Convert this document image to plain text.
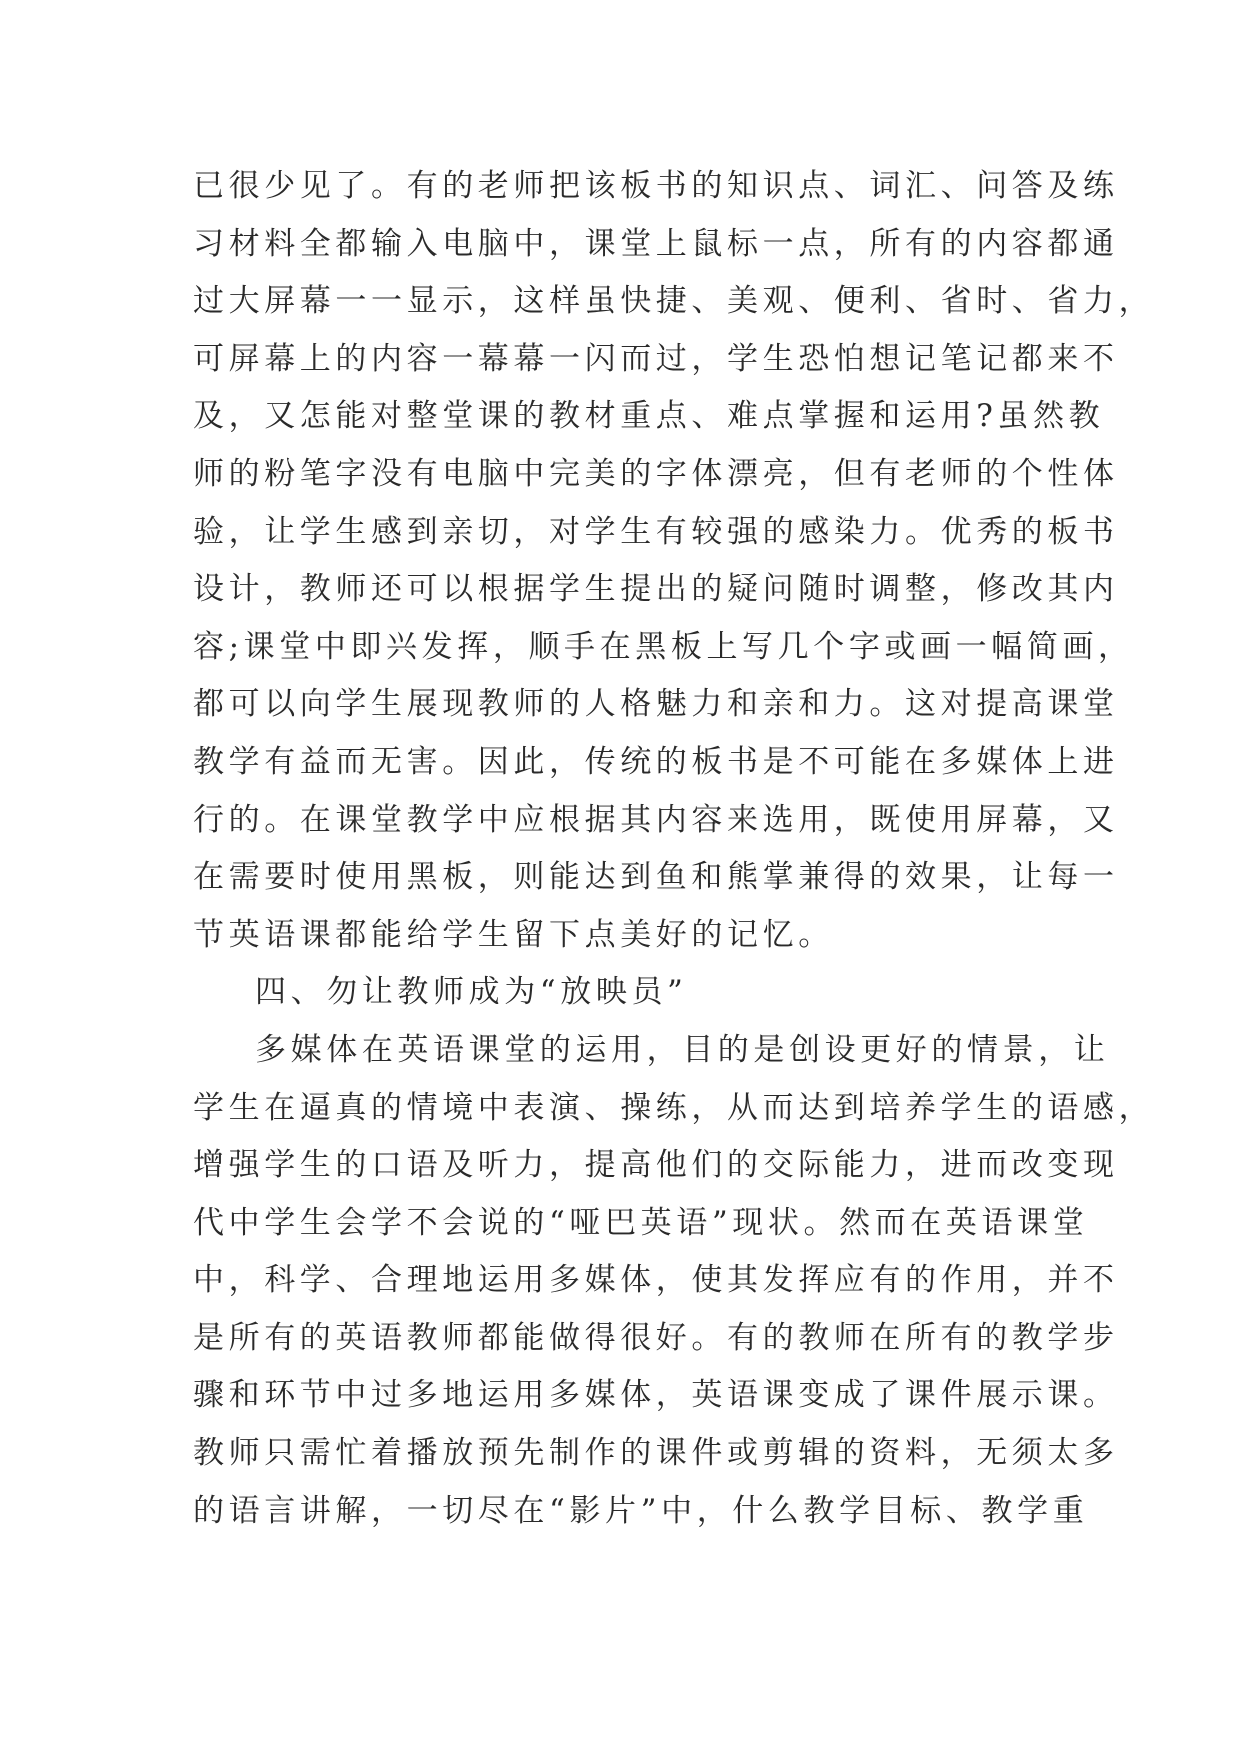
已很少见了。有的老师把该板书的知识点、词汇、问答及练
习材料全都输入电脑中，课堂上鼠标一点，所有的内容都通
过大屏幕一一显示，这样虽快捷、美观、便利、省时、省力，
可屏幕上的内容一幕幕一闪而过，学生恐怕想记笔记都来不
及，又怎能对整堂课的教材重点、难点掌握和运用?虽然教
师的粉笔字没有电脑中完美的字体漂亮，但有老师的个性体
验，让学生感到亲切，对学生有较强的感染力。优秀的板书
设计，教师还可以根据学生提出的疑问随时调整，修改其内
容;课堂中即兴发挥，顺手在黑板上写几个字或画一幅简画，
都可以向学生展现教师的人格魅力和亲和力。这对提高课堂
教学有益而无害。因此，传统的板书是不可能在多媒体上进
行的。在课堂教学中应根据其内容来选用，既使用屏幕，又
在需要时使用黑板，则能达到鱼和熊掌兼得的效果，让每一
节英语课都能给学生留下点美好的记忆。
四、勿让教师成为“放映员”
多媒体在英语课堂的运用，目的是创设更好的情景，让
学生在逼真的情境中表演、操练，从而达到培养学生的语感，
增强学生的口语及听力，提高他们的交际能力，进而改变现
代中学生会学不会说的“哑巴英语”现状。然而在英语课堂
中，科学、合理地运用多媒体，使其发挥应有的作用，并不
是所有的英语教师都能做得很好。有的教师在所有的教学步
骤和环节中过多地运用多媒体，英语课变成了课件展示课。
教师只需忙着播放预先制作的课件或剪辑的资料，无须太多
的语言讲解，一切尽在“影片”中，什么教学目标、教学重
